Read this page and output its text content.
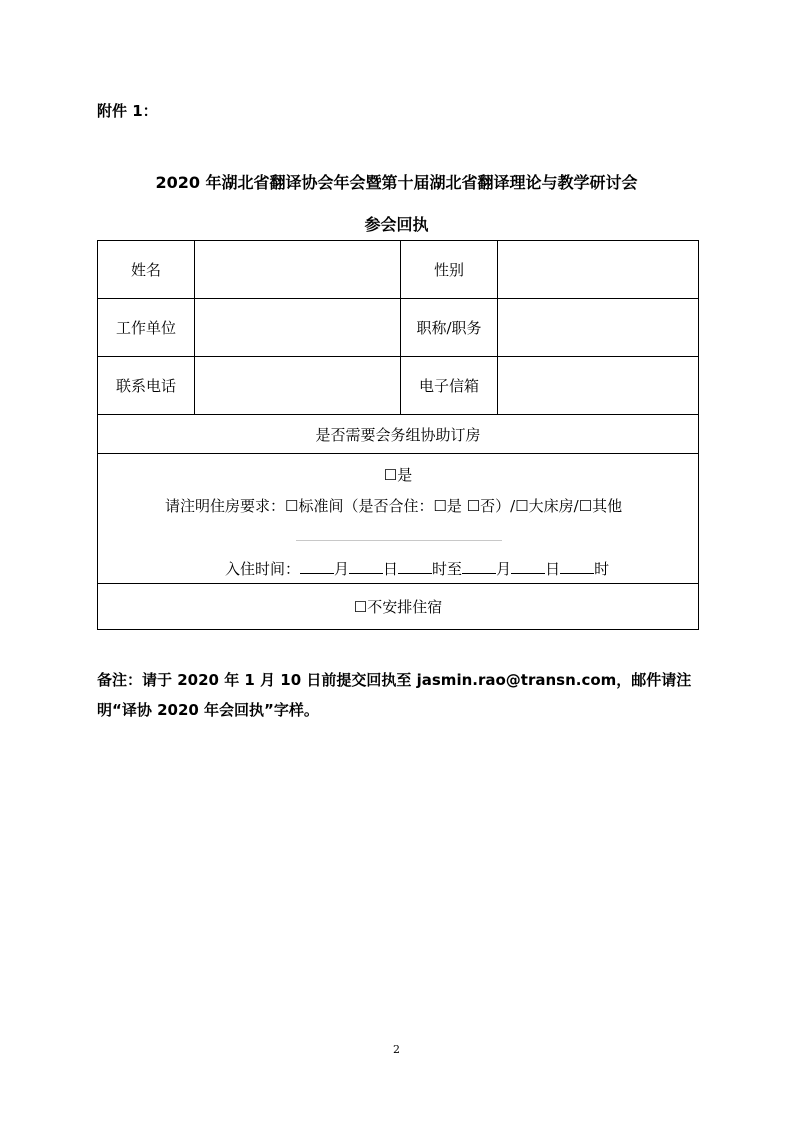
附件 1：
2020 年湖北省翻译协会年会暨第十届湖北省翻译理论与教学研讨会
参会回执
姓名		性别	
工作单位		职称/职务	
联系电话		电子信箱	
是否需要会务组协助订房			

☐是
请注明住房要求：☐标准间（是否合住：☐是 ☐否）/☐大床房/☐其他
入住时间： 月 日 时至 月 日 时			

☐不安排住宿			
备注：请于 2020 年 1 月 10 日前提交回执至 jasmin.rao@transn.com，邮件请注明“译协 2020 年会回执”字样。
2
